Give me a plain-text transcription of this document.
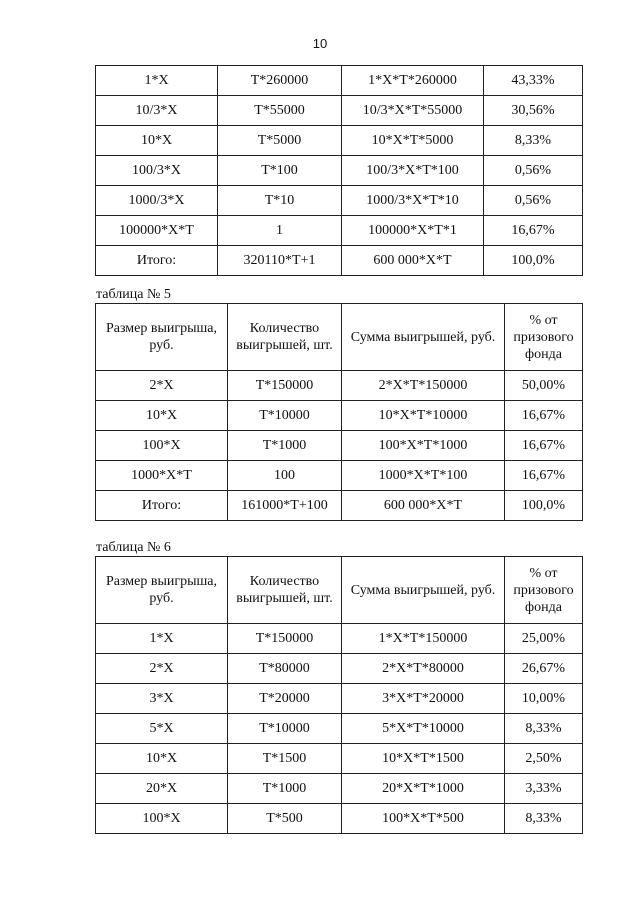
10
1*X	T*260000	1*X*T*260000	43,33%
10/3*X	T*55000	10/3*X*T*55000	30,56%
10*X	T*5000	10*X*T*5000	8,33%
100/3*X	T*100	100/3*X*T*100	0,56%
1000/3*X	T*10	1000/3*X*T*10	0,56%
100000*X*T	1	100000*X*T*1	16,67%
Итого:	320110*T+1	600 000*X*T	100,0%
таблица № 5
Размер выигрыша, руб.	Количество выигрышей, шт.	Сумма выигрышей, руб.	% от призового фонда
2*X	T*150000	2*X*T*150000	50,00%
10*X	T*10000	10*X*T*10000	16,67%
100*X	T*1000	100*X*T*1000	16,67%
1000*X*T	100	1000*X*T*100	16,67%
Итого:	161000*T+100	600 000*X*T	100,0%
таблица № 6
Размер выигрыша, руб.	Количество выигрышей, шт.	Сумма выигрышей, руб.	% от призового фонда
1*X	T*150000	1*X*T*150000	25,00%
2*X	T*80000	2*X*T*80000	26,67%
3*X	T*20000	3*X*T*20000	10,00%
5*X	T*10000	5*X*T*10000	8,33%
10*X	T*1500	10*X*T*1500	2,50%
20*X	T*1000	20*X*T*1000	3,33%
100*X	T*500	100*X*T*500	8,33%
